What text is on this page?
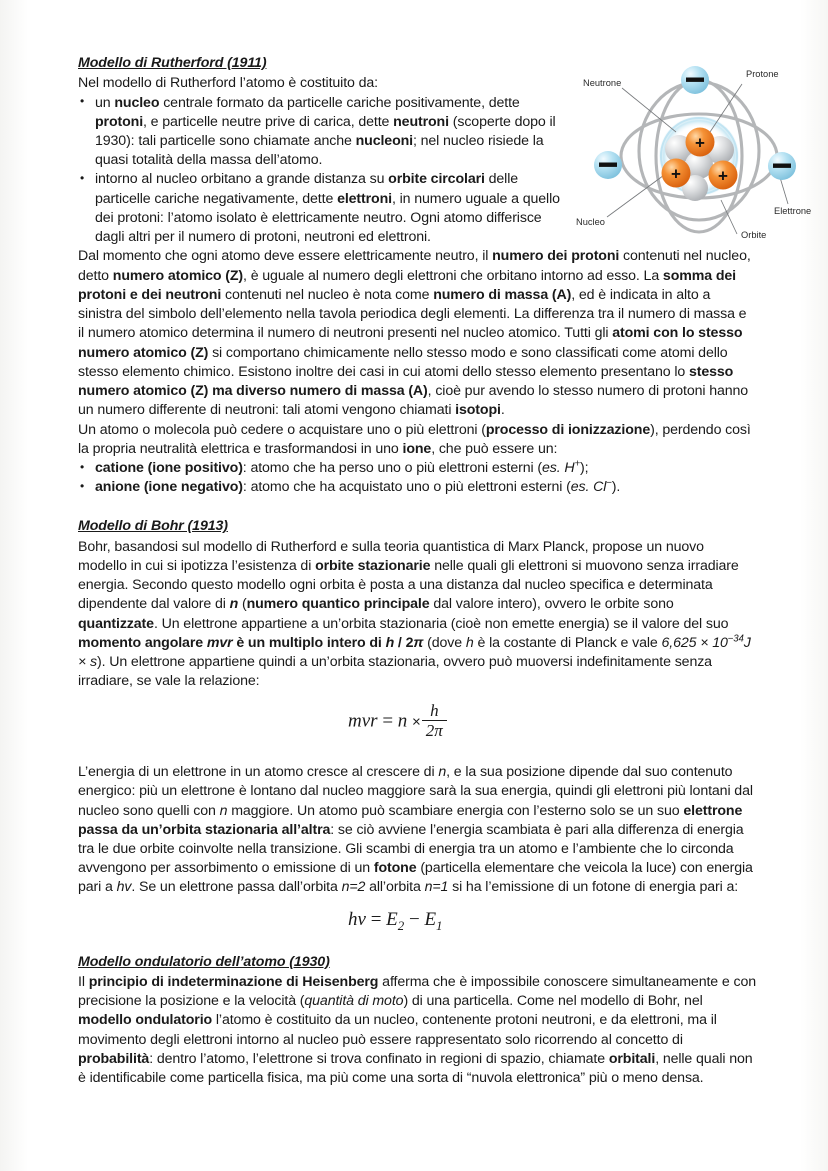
+
+ +
Neutrone
Protone
Nucleo
Elettrone
Orbite
Modello di Rutherford (1911)

Nel modello di Rutherford l’atomo è costituito da:

• un nucleo centrale formato da particelle cariche positivamente, dette protoni, e particelle neutre prive di carica, dette neutroni (scoperte dopo il 1930): tali particelle sono chiamate anche nucleoni; nel nucleo risiede la quasi totalità della massa dell’atomo.
• intorno al nucleo orbitano a grande distanza su orbite circolari delle particelle cariche negativamente, dette elettroni, in numero uguale a quello dei protoni: l’atomo isolato è elettricamente neutro. Ogni atomo differisce dagli altri per il numero di protoni, neutroni ed elettroni.

Dal momento che ogni atomo deve essere elettricamente neutro, il numero dei protoni contenuti nel nucleo, detto numero atomico (Z), è uguale al numero degli elettroni che orbitano intorno ad esso. La somma dei protoni e dei neutroni contenuti nel nucleo è nota come numero di massa (A), ed è indicata in alto a sinistra del simbolo dell’elemento nella tavola periodica degli elementi. La differenza tra il numero di massa e il numero atomico determina il numero di neutroni presenti nel nucleo atomico. Tutti gli atomi con lo stesso numero atomico (Z) si comportano chimicamente nello stesso modo e sono classificati come atomi dello stesso elemento chimico. Esistono inoltre dei casi in cui atomi dello stesso elemento presentano lo stesso numero atomico (Z) ma diverso numero di massa (A), cioè pur avendo lo stesso numero di protoni hanno un numero differente di neutroni: tali atomi vengono chiamati isotopi.

Un atomo o molecola può cedere o acquistare uno o più elettroni (processo di ionizzazione), perdendo così la propria neutralità elettrica e trasformandosi in uno ione, che può essere un:

• catione (ione positivo): atomo che ha perso uno o più elettroni esterni (es. H+);
• anione (ione negativo): atomo che ha acquistato uno o più elettroni esterni (es. Cl−).
Modello di Bohr (1913)

Bohr, basandosi sul modello di Rutherford e sulla teoria quantistica di Marx Planck, propose un nuovo modello in cui si ipotizza l’esistenza di orbite stazionarie nelle quali gli elettroni si muovono senza irradiare energia. Secondo questo modello ogni orbita è posta a una distanza dal nucleo specifica e determinata dipendente dal valore di n (numero quantico principale dal valore intero), ovvero le orbite sono quantizzate. Un elettrone appartiene a un’orbita stazionaria (cioè non emette energia) se il valore del suo momento angolare mvr è un multiplo intero di h / 2π (dove h è la costante di Planck e vale $6,625 \times 10^{-34}J \times s$). Un elettrone appartiene quindi a un’orbita stazionaria, ovvero può muoversi indefinitamente senza irradiare, se vale la relazione:

mvr = $n \times \frac{h}{2\pi}$

L’energia di un elettrone in un atomo cresce al crescere di n, e la sua posizione dipende dal suo contenuto energico: più un elettrone è lontano dal nucleo maggiore sarà la sua energia, quindi gli elettroni più lontani dal nucleo sono quelli con n maggiore. Un atomo può scambiare energia con l’esterno solo se un suo elettrone passa da un’orbita stazionaria all’altra: se ciò avviene l’energia scambiata è pari alla differenza di energia tra le due orbite coinvolte nella transizione. Gli scambi di energia tra un atomo e l’ambiente che lo circonda avvengono per assorbimento o emissione di un fotone (particella elementare che veicola la luce) con energia pari a hv. Se un elettrone passa dall’orbita n=2 all’orbita n=1 si ha l’emissione di un fotone di energia pari a:

hv = $E_2 - E_1$
Modello ondulatorio dell’atomo (1930)

Il principio di indeterminazione di Heisenberg afferma che è impossibile conoscere simultaneamente e con precisione la posizione e la velocità (quantità di moto) di una particella. Come nel modello di Bohr, nel modello ondulatorio l’atomo è costituito da un nucleo, contenente protoni neutroni, e da elettroni, ma il movimento degli elettroni intorno al nucleo può essere rappresentato solo ricorrendo al concetto di probabilità: dentro l’atomo, l’elettrone si trova confinato in regioni di spazio, chiamate orbitali, nelle quali non è identificabile come particella fisica, ma più come una sorta di “nuvola elettronica” più o meno densa.
